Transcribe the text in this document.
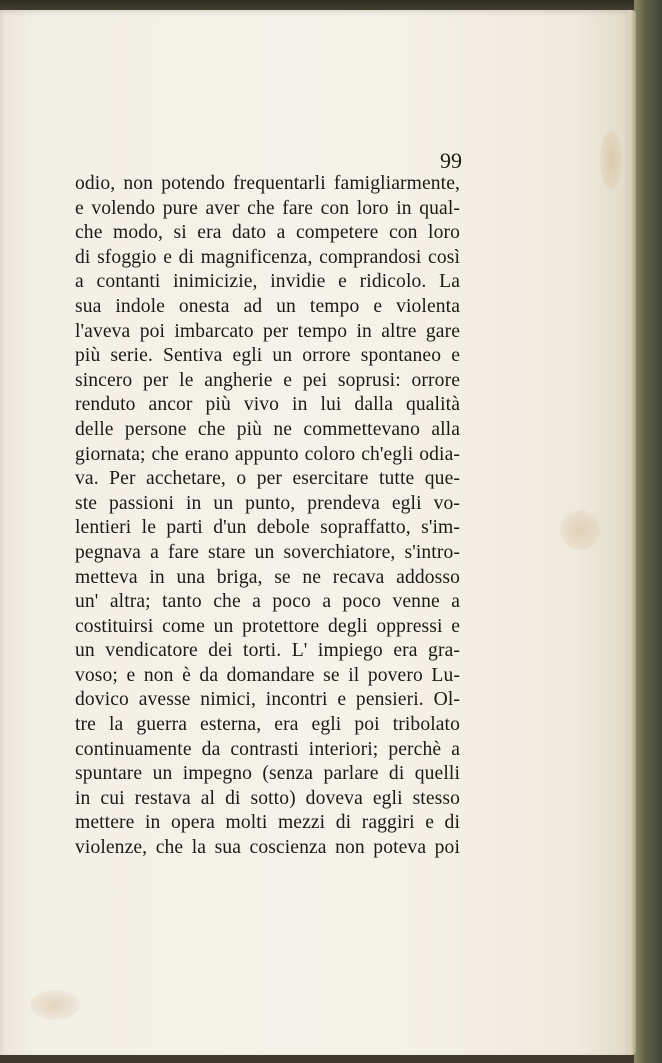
99

odio, non potendo frequentarli famigliarmente,
e volendo pure aver che fare con loro in qual-
che modo, si era dato a competere con loro
di sfoggio e di magnificenza, comprandosi così
a contanti inimicizie, invidie e ridicolo. La
sua indole onesta ad un tempo e violenta
l'aveva poi imbarcato per tempo in altre gare
più serie. Sentiva egli un orrore spontaneo e
sincero per le angherie e pei soprusi: orrore
renduto ancor più vivo in lui dalla qualità
delle persone che più ne commettevano alla
giornata; che erano appunto coloro ch'egli odia-
va. Per acchetare, o per esercitare tutte que-
ste passioni in un punto, prendeva egli vo-
lentieri le parti d'un debole sopraffatto, s'im-
pegnava a fare stare un soverchiatore, s'intro-
metteva in una briga, se ne recava addosso
un' altra; tanto che a poco a poco venne a
costituirsi come un protettore degli oppressi e
un vendicatore dei torti. L' impiego era gra-
voso; e non è da domandare se il povero Lu-
dovico avesse nimici, incontri e pensieri. Ol-
tre la guerra esterna, era egli poi tribolato
continuamente da contrasti interiori; perchè a
spuntare un impegno (senza parlare di quelli
in cui restava al di sotto) doveva egli stesso
mettere in opera molti mezzi di raggiri e di
violenze, che la sua coscienza non poteva poi
